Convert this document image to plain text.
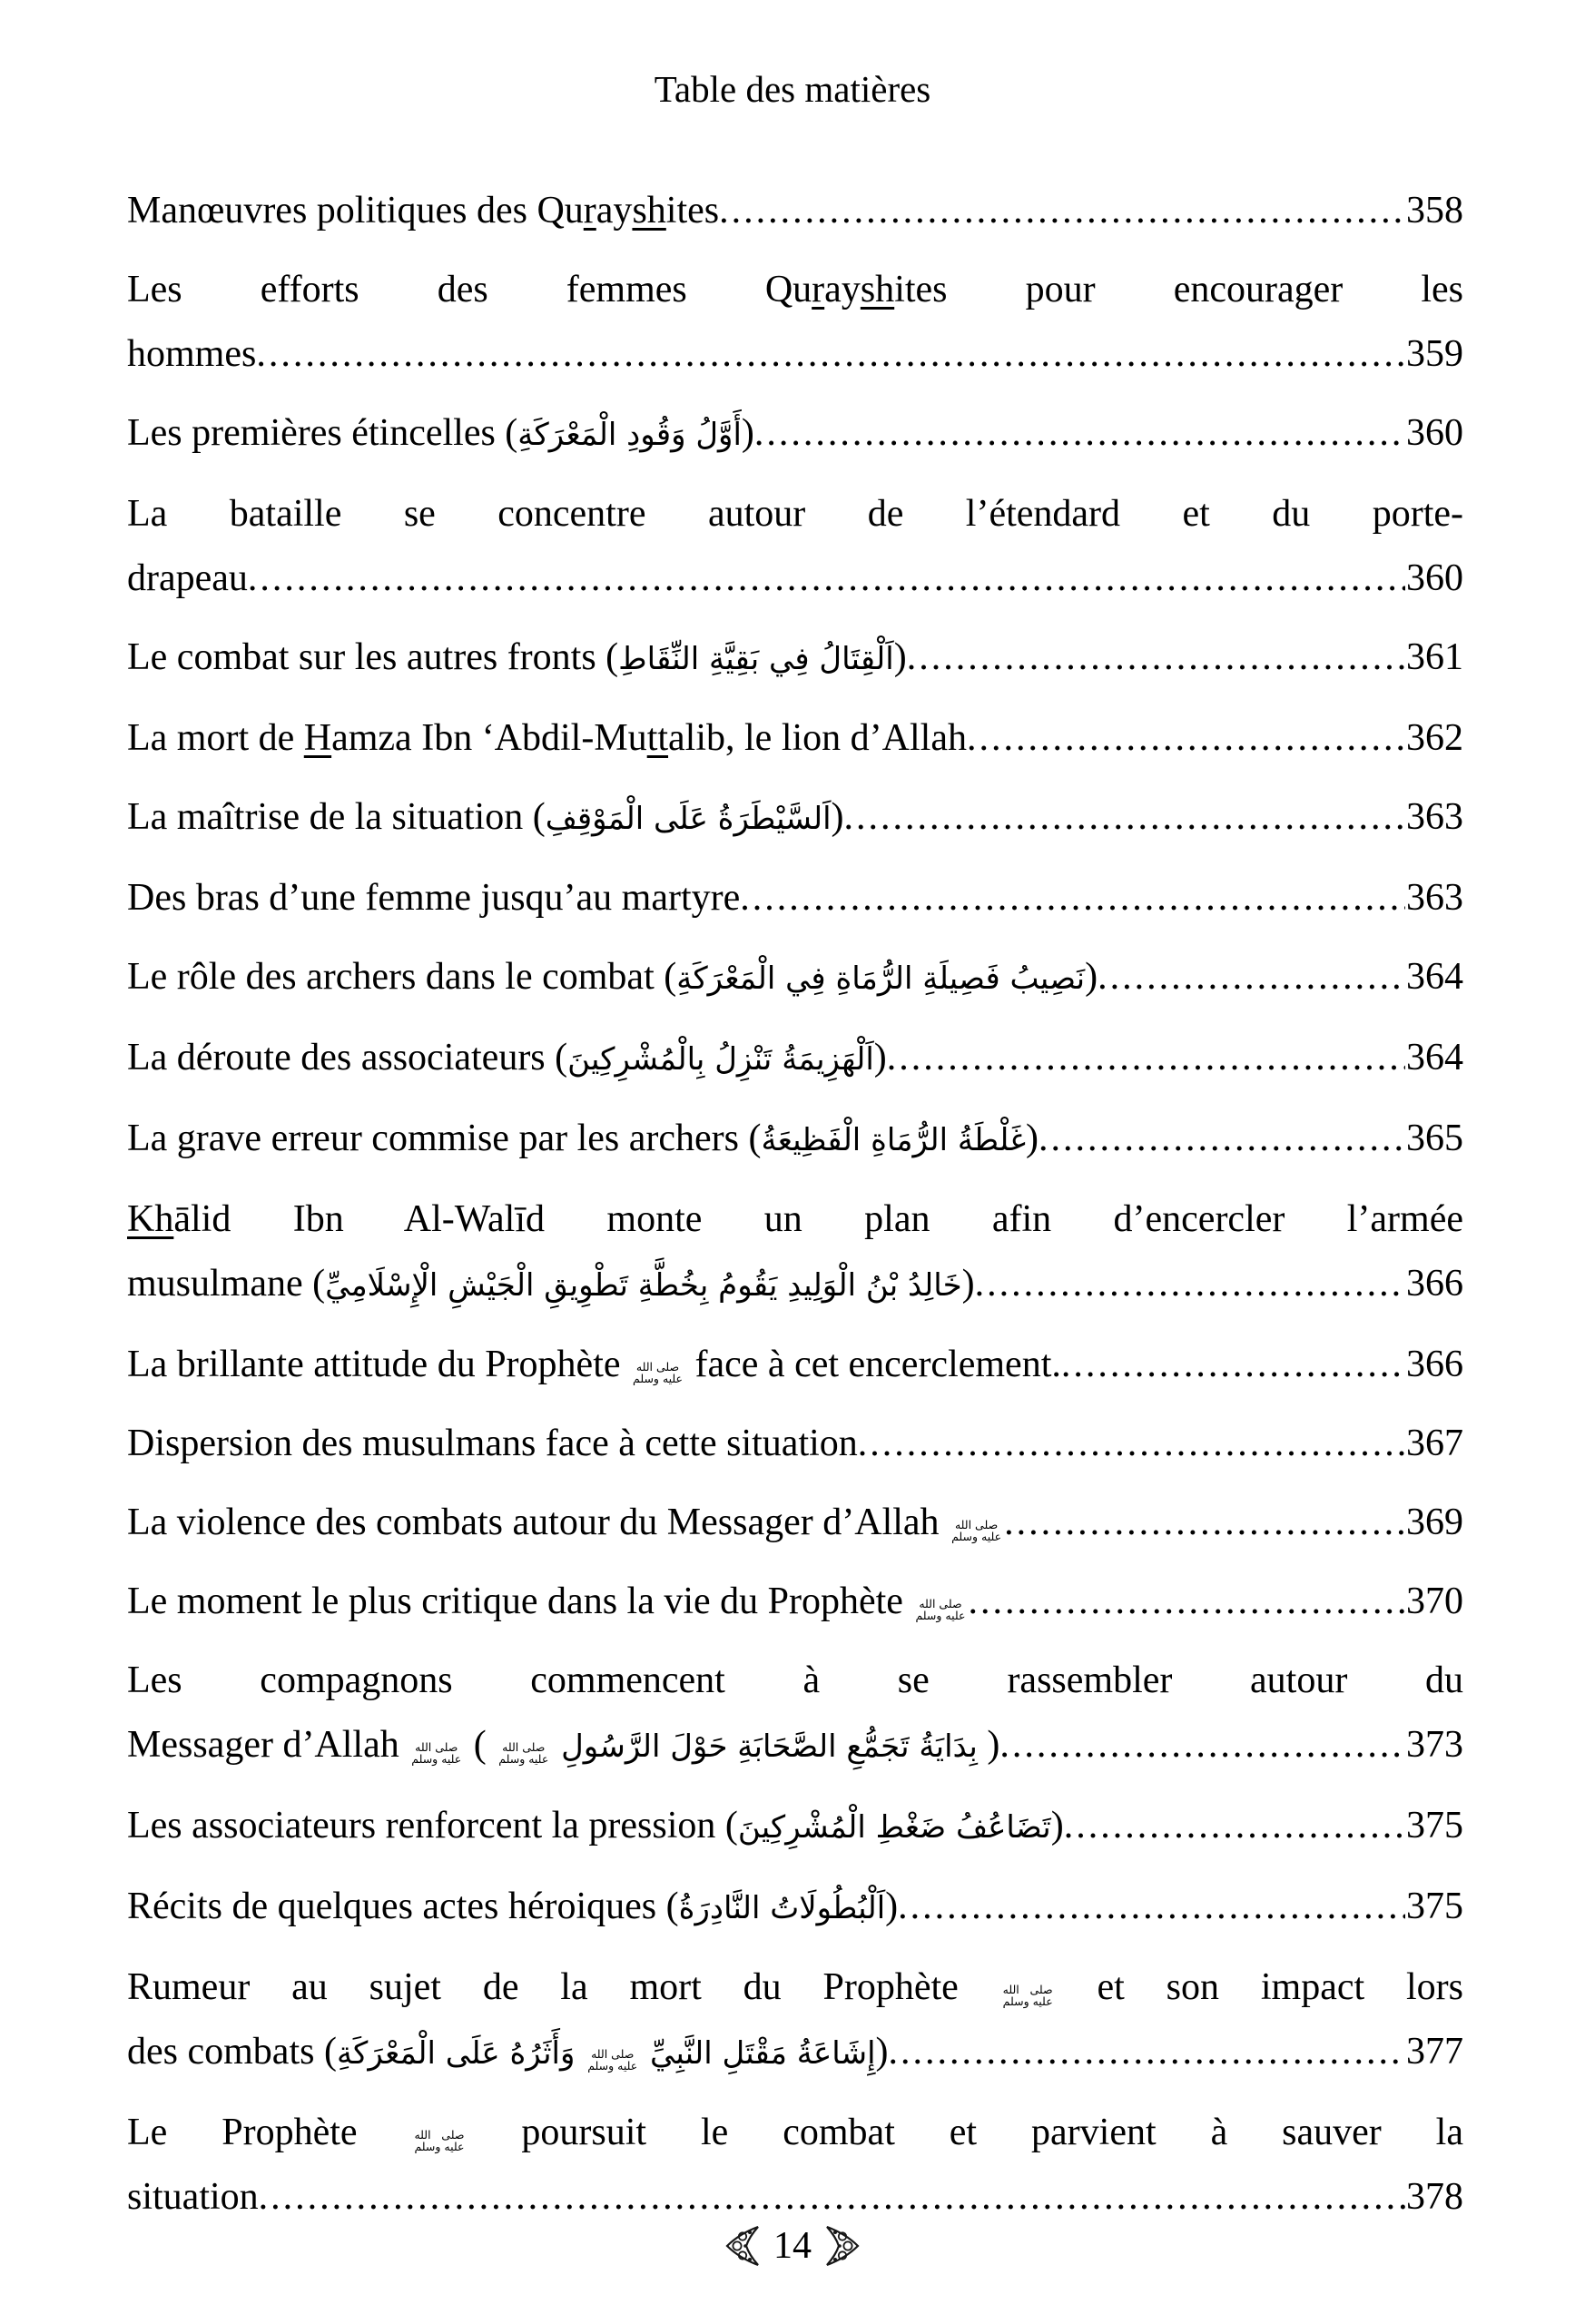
Table des matières
Manœuvres politiques des Qurayshites .....	358
Les efforts des femmes Qurayshites pour encourager les
hommes .....	359
Les premières étincelles (أَوَّلُ وَقُودِ الْمَعْرَكَةِ) .....	360
La bataille se concentre autour de l’étendard et du porte-
drapeau .....	360
Le combat sur les autres fronts (اَلْقِتَالُ فِي بَقِيَّةِ النِّقَاطِ) .....	361
La mort de Hamza Ibn ‘Abdil-Muttalib, le lion d’Allah .....	362
La maîtrise de la situation (اَلسَّيْطَرَةُ عَلَى الْمَوْقِفِ) .....	363
Des bras d’une femme jusqu’au martyre .....	363
Le rôle des archers dans le combat (نَصِيبُ فَصِيلَةِ الرُّمَاةِ فِي الْمَعْرَكَةِ) .....	364
La déroute des associateurs (اَلْهَزِيمَةُ تَنْزِلُ بِالْمُشْرِكِينَ) .....	364
La grave erreur commise par les archers (غَلْطَةُ الرُّمَاةِ الْفَظِيعَةُ) .....	365
Khālid Ibn Al-Walīd monte un plan afin d’encercler l’armée
musulmane (خَالِدُ بْنُ الْوَلِيدِ يَقُومُ بِخُطَّةِ تَطْوِيقِ الْجَيْشِ الْإِسْلَامِيِّ) .....	366
La brillante attitude du Prophète صلى الله
عليه وسلم face à cet encerclement. .....	366
Dispersion des musulmans face à cette situation .....	367
La violence des combats autour du Messager d’Allah صلى الله
عليه وسلم .....	369
Le moment le plus critique dans la vie du Prophète صلى الله
عليه وسلم .....	370
Les compagnons commencent à se rassembler autour du
Messager d’Allah صلى الله
عليه وسلم ( بِدَايَةُ تَجَمُّعِ الصَّحَابَةِ حَوْلَ الرَّسُولِ
صلى الله
عليه وسلم	) .....	373
Les associateurs renforcent la pression (تَضَاعُفُ ضَغْطِ الْمُشْرِكِينَ) .....	375
Récits de quelques actes héroiques (اَلْبُطُولَاتُ النَّادِرَةُ) .....	375
Rumeur au sujet de la mort du Prophète صلى الله
عليه وسلم et son impact lors
des combats (	إِشَاعَةُ مَقْتَلِ النَّبِيِّ
صلى الله
عليه وسلم
وَأَثَرُهُ عَلَى الْمَعْرَكَةِ	) .....	377
Le Prophète صلى الله
عليه وسلم poursuit le combat et parvient à sauver la
situation .....	378
14
